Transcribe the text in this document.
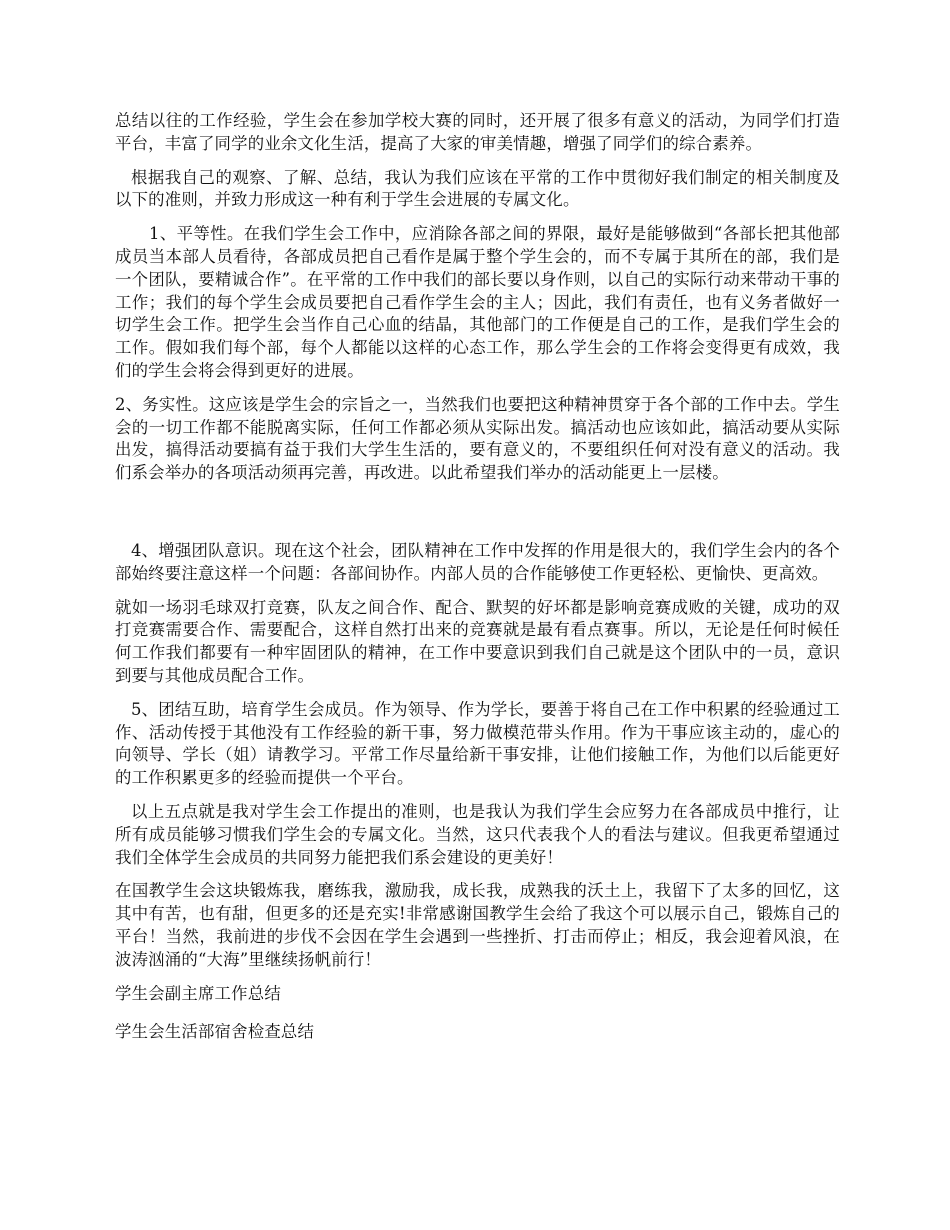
总结以往的工作经验，学生会在参加学校大赛的同时，还开展了很多有意义的活动，为同学们打造平台，丰富了同学的业余文化生活，提高了大家的审美情趣，增强了同学们的综合素养。

根据我自己的观察、了解、总结，我认为我们应该在平常的工作中贯彻好我们制定的相关制度及以下的准则，并致力形成这一种有利于学生会进展的专属文化。

1、平等性。在我们学生会工作中，应消除各部之间的界限，最好是能够做到“各部长把其他部成员当本部人员看待，各部成员把自己看作是属于整个学生会的，而不专属于其所在的部，我们是一个团队，要精诚合作”。在平常的工作中我们的部长要以身作则，以自己的实际行动来带动干事的工作；我们的每个学生会成员要把自己看作学生会的主人；因此，我们有责任，也有义务者做好一切学生会工作。把学生会当作自己心血的结晶，其他部门的工作便是自己的工作，是我们学生会的工作。假如我们每个部，每个人都能以这样的心态工作，那么学生会的工作将会变得更有成效，我们的学生会将会得到更好的进展。

2、务实性。这应该是学生会的宗旨之一，当然我们也要把这种精神贯穿于各个部的工作中去。学生会的一切工作都不能脱离实际，任何工作都必须从实际出发。搞活动也应该如此，搞活动要从实际出发，搞得活动要搞有益于我们大学生生活的，要有意义的，不要组织任何对没有意义的活动。我们系会举办的各项活动须再完善，再改进。以此希望我们举办的活动能更上一层楼。

4、增强团队意识。现在这个社会，团队精神在工作中发挥的作用是很大的，我们学生会内的各个部始终要注意这样一个问题：各部间协作。内部人员的合作能够使工作更轻松、更愉快、更高效。

就如一场羽毛球双打竞赛，队友之间合作、配合、默契的好坏都是影响竞赛成败的关键，成功的双打竞赛需要合作、需要配合，这样自然打出来的竞赛就是最有看点赛事。所以，无论是任何时候任何工作我们都要有一种牢固团队的精神，在工作中要意识到我们自己就是这个团队中的一员，意识到要与其他成员配合工作。

5、团结互助，培育学生会成员。作为领导、作为学长，要善于将自己在工作中积累的经验通过工作、活动传授于其他没有工作经验的新干事，努力做模范带头作用。作为干事应该主动的，虚心的向领导、学长（姐）请教学习。平常工作尽量给新干事安排，让他们接触工作，为他们以后能更好的工作积累更多的经验而提供一个平台。

以上五点就是我对学生会工作提出的准则，也是我认为我们学生会应努力在各部成员中推行，让所有成员能够习惯我们学生会的专属文化。当然，这只代表我个人的看法与建议。但我更希望通过我们全体学生会成员的共同努力能把我们系会建设的更美好！

在国教学生会这块锻炼我，磨练我，激励我，成长我，成熟我的沃土上，我留下了太多的回忆，这其中有苦，也有甜，但更多的还是充实!非常感谢国教学生会给了我这个可以展示自己，锻炼自己的平台！当然，我前进的步伐不会因在学生会遇到一些挫折、打击而停止；相反，我会迎着风浪，在波涛汹涌的“大海”里继续扬帆前行！

学生会副主席工作总结

学生会生活部宿舍检查总结
